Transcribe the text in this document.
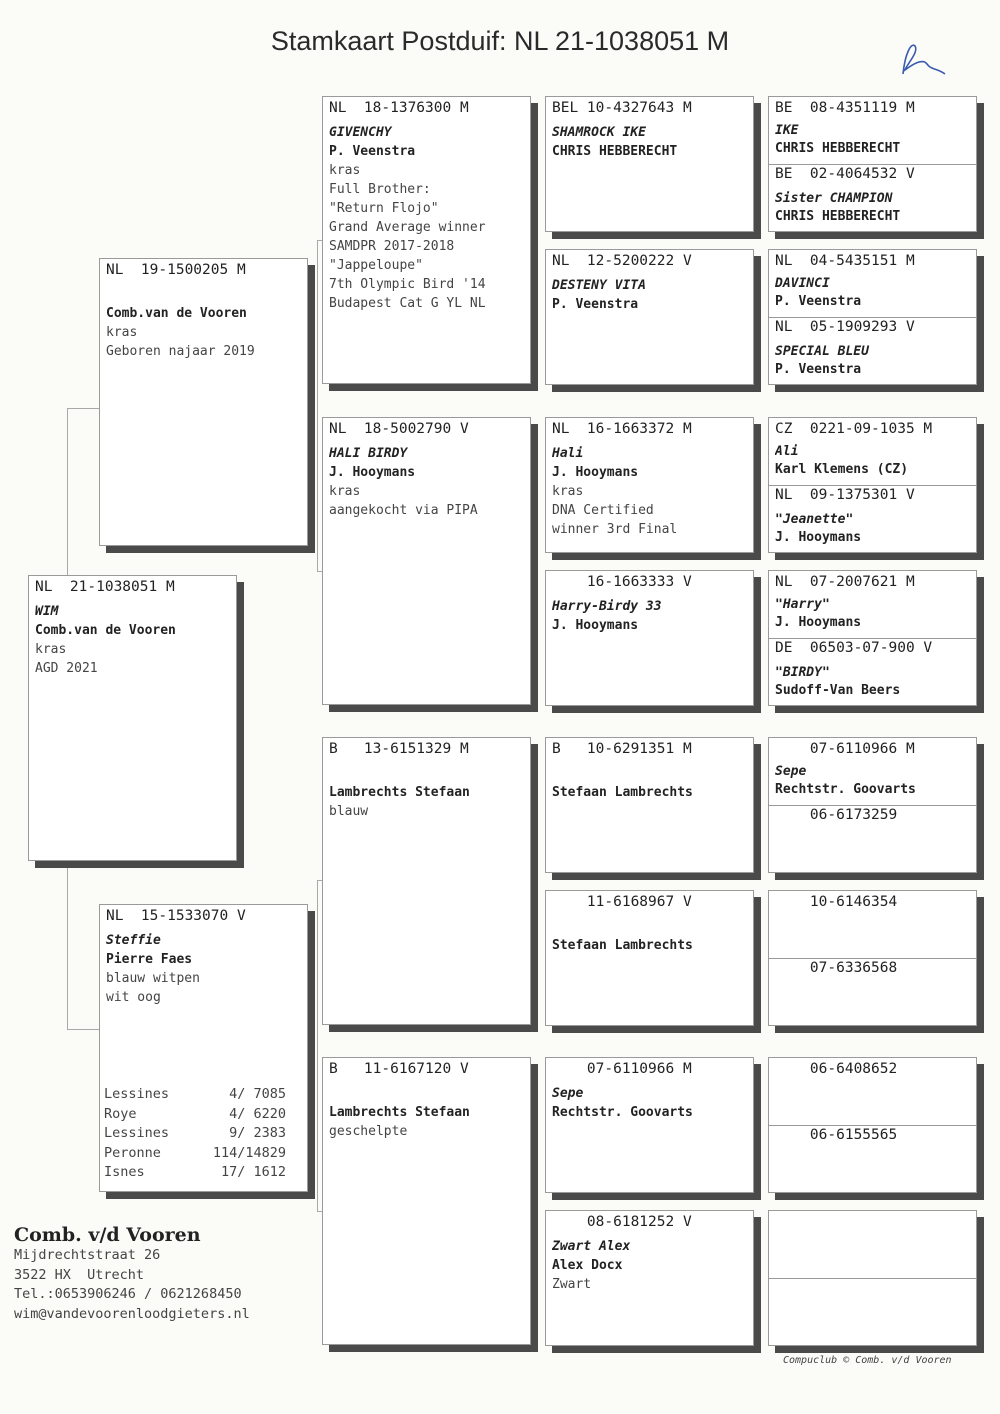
Stamkaart Postduif: NL 21-1038051 M
NL  21-1038051 M
WIM
Comb.van de Vooren
kras
AGD 2021
NL  19-1500205 M
Comb.van de Vooren
kras
Geboren najaar 2019
NL  15-1533070 V
Steffie
Pierre Faes
blauw witpen
wit oog
Lessines	4/ 7085
Roye	4/ 6220
Lessines	9/ 2383
Peronne	114/14829
Isnes	17/ 1612
NL  18-1376300 M
GIVENCHY
P. Veenstra
kras
Full Brother:
"Return Flojo"
Grand Average winner
SAMDPR 2017-2018
"Jappeloupe"
7th Olympic Bird '14
Budapest Cat G YL NL
NL  18-5002790 V
HALI BIRDY
J. Hooymans
kras
aangekocht via PIPA
B   13-6151329 M
Lambrechts Stefaan
blauw
B   11-6167120 V
Lambrechts Stefaan
geschelpte
BEL 10-4327643 M
SHAMROCK IKE
CHRIS HEBBERECHT
NL  12-5200222 V
DESTENY VITA
P. Veenstra
NL  16-1663372 M
Hali
J. Hooymans
kras
DNA Certified
winner 3rd Final
16-1663333 V
Harry-Birdy 33
J. Hooymans
B   10-6291351 M
Stefaan Lambrechts
11-6168967 V
Stefaan Lambrechts
07-6110966 M
Sepe
Rechtstr. Goovarts
08-6181252 V
Zwart Alex
Alex Docx
Zwart
BE  08-4351119 M
IKE
CHRIS HEBBERECHT
BE  02-4064532 V
Sister CHAMPION
CHRIS HEBBERECHT
NL  04-5435151 M
DAVINCI
P. Veenstra
NL  05-1909293 V
SPECIAL BLEU
P. Veenstra
CZ  0221-09-1035 M
Ali
Karl Klemens (CZ)
NL  09-1375301 V
"Jeanette"
J. Hooymans
NL  07-2007621 M
"Harry"
J. Hooymans
DE  06503-07-900 V
"BIRDY"
Sudoff-Van Beers
07-6110966 M
Sepe
Rechtstr. Goovarts
06-6173259
10-6146354
07-6336568
06-6408652
06-6155565
Comb. v/d Vooren
Mijdrechtstraat 26
3522 HX  Utrecht
Tel.:0653906246 / 0621268450
wim@vandevoorenloodgieters.nl
Compuclub © Comb. v/d Vooren
